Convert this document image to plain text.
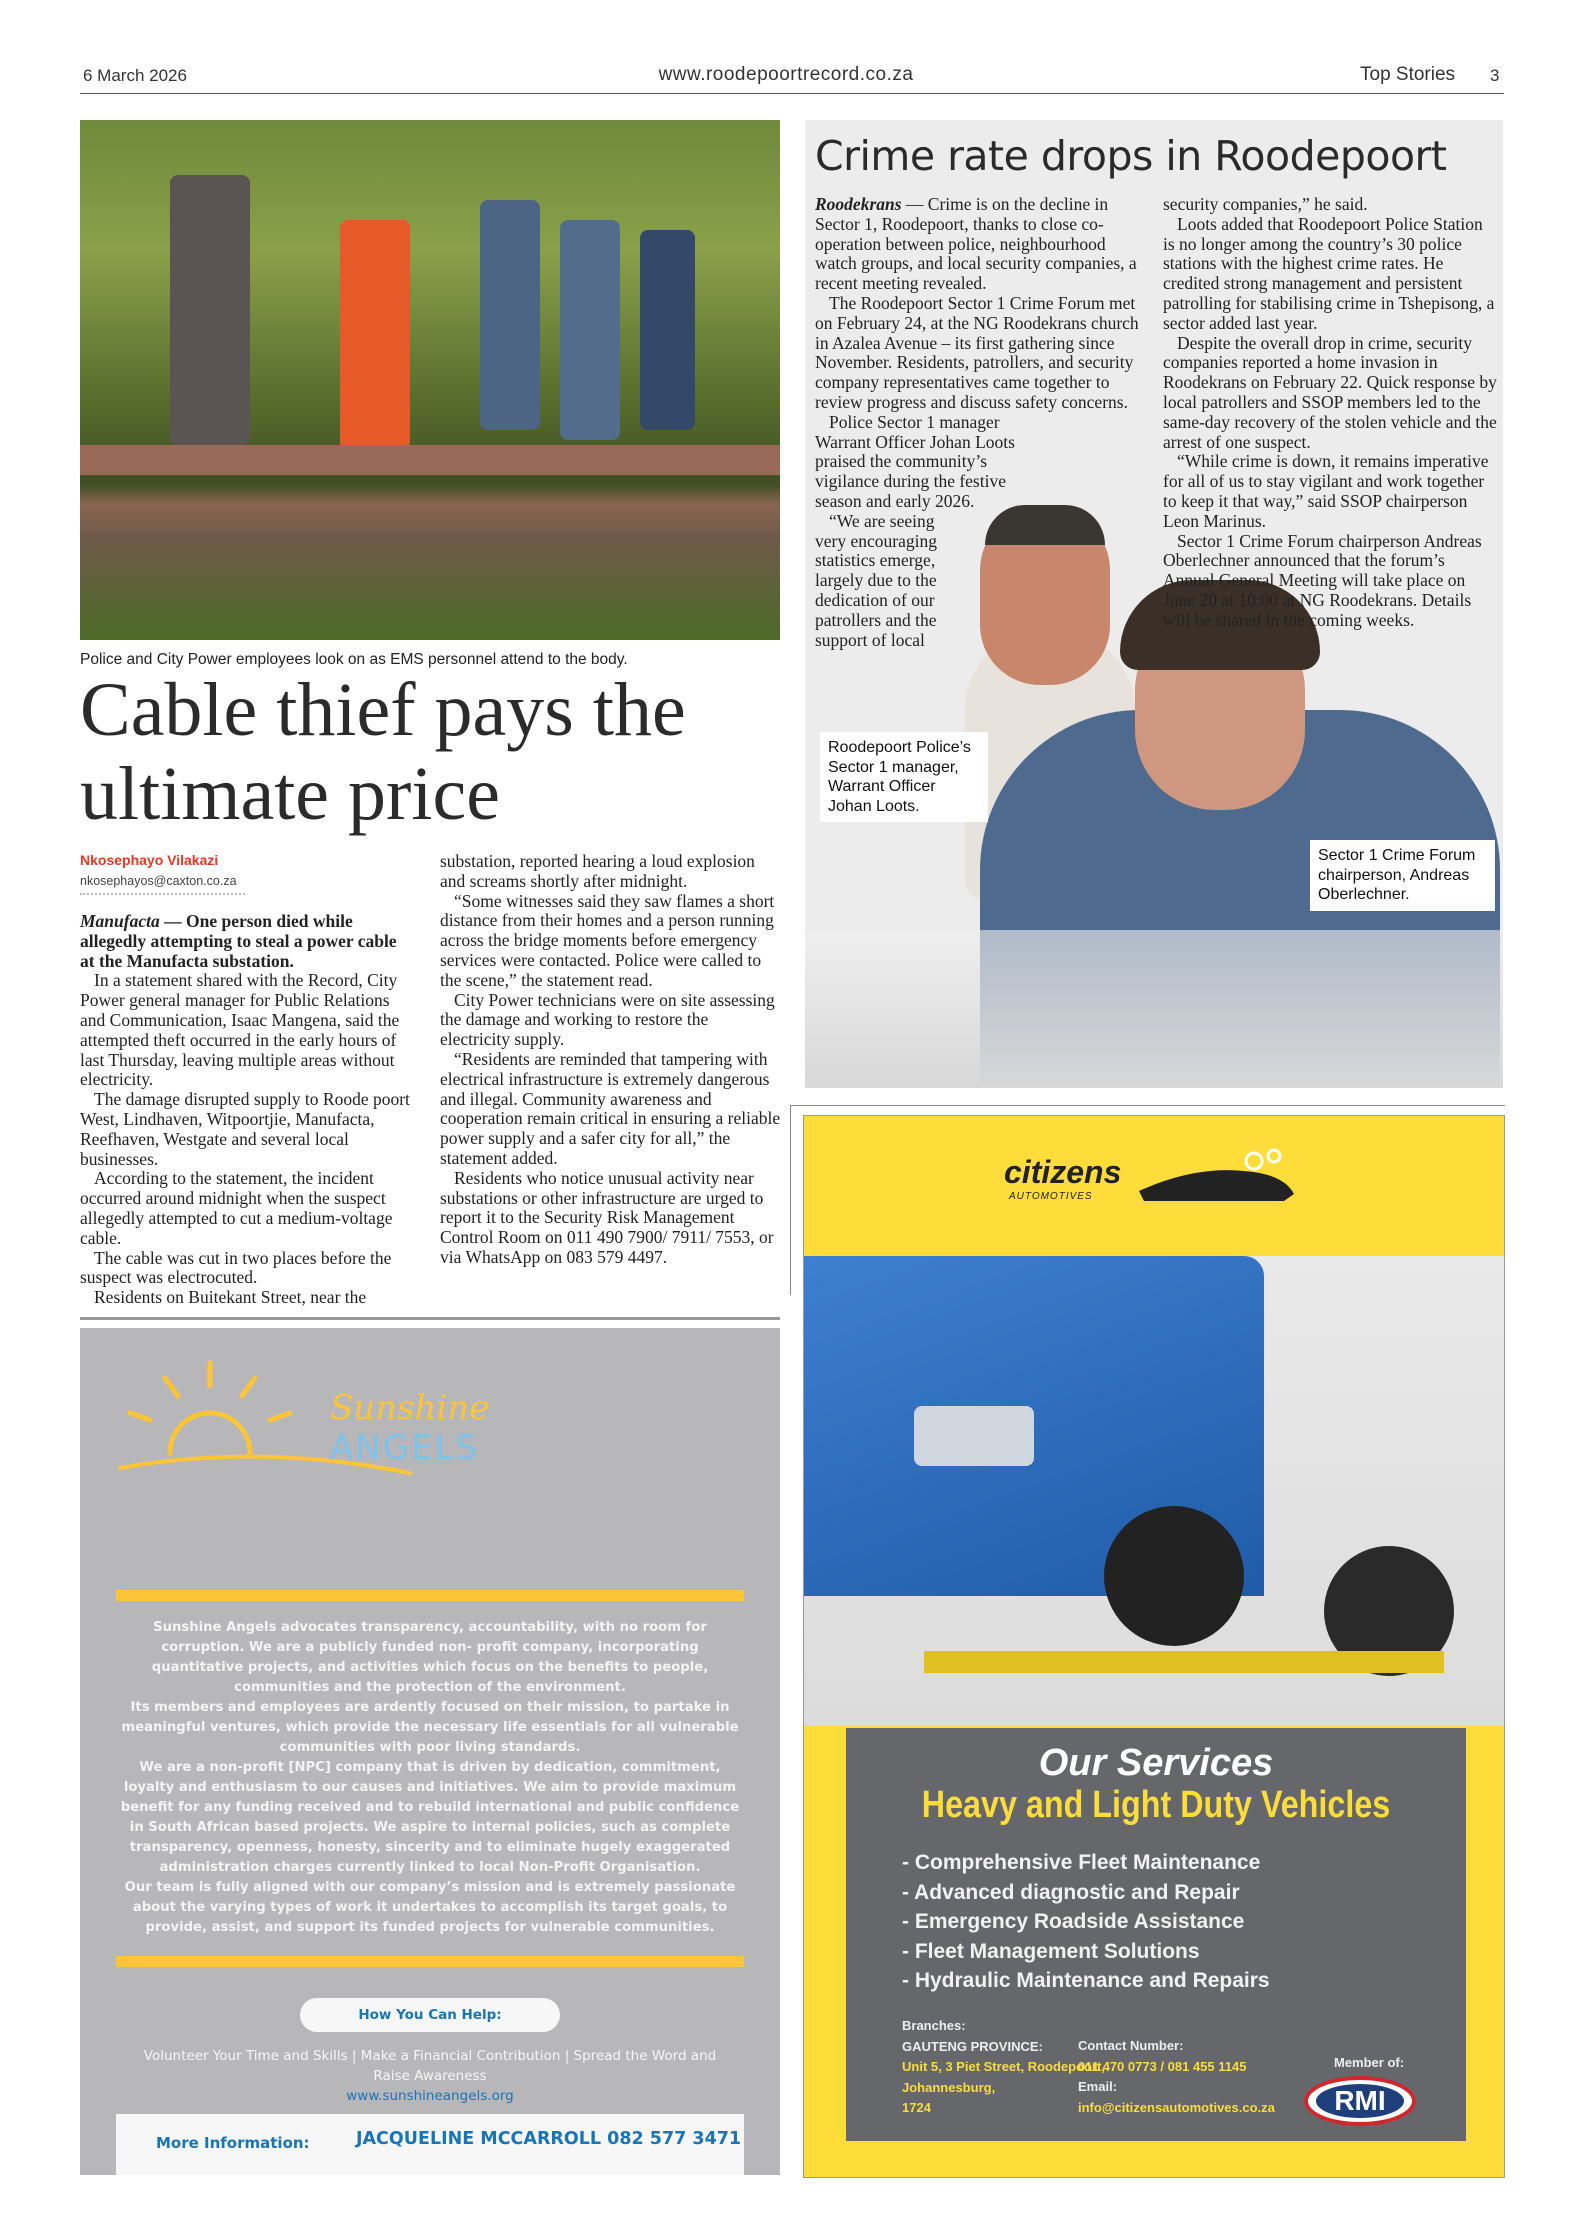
6 March 2026	www.roodepoortrecord.co.za	Top Stories 3
Police and City Power employees look on as EMS personnel attend to the body.
Cable thief pays the ultimate price
Nkosephayo Vilakazi
nkosephayos@caxton.co.za

Manufacta — One person died while allegedly attempting to steal a power cable at the Manufacta substation.

In a statement shared with the Record, City Power general manager for Public Relations and Communication, Isaac Mangena, said the attempted theft occurred in the early hours of last Thursday, leaving multiple areas without electricity.

The damage disrupted supply to Roode poort West, Lindhaven, Witpoortjie, Manufacta, Reefhaven, Westgate and several local businesses.

According to the statement, the incident occurred around midnight when the suspect allegedly attempted to cut a medium-voltage cable.

The cable was cut in two places before the suspect was electrocuted.

Residents on Buitekant Street, near the

substation, reported hearing a loud explosion and screams shortly after midnight.

“Some witnesses said they saw flames a short distance from their homes and a person running across the bridge moments before emergency services were contacted. Police were called to the scene,” the statement read.

City Power technicians were on site assessing the damage and working to restore the electricity supply.

“Residents are reminded that tampering with electrical infrastructure is extremely dangerous and illegal. Community awareness and cooperation remain critical in ensuring a reliable power supply and a safer city for all,” the statement added.

Residents who notice unusual activity near substations or other infrastructure are urged to report it to the Security Risk Management Control Room on 011 490 7900/ 7911/ 7553, or via WhatsApp on 083 579 4497.

Sunshine
ANGELS

Sunshine Angels advocates transparency, accountability, with no room for corruption. We are a publicly funded non- profit company, incorporating quantitative projects, and activities which focus on the benefits to people, communities and the protection of the environment.

Its members and employees are ardently focused on their mission, to partake in meaningful ventures, which provide the necessary life essentials for all vulnerable communities with poor living standards.

We are a non-profit [NPC] company that is driven by dedication, commitment, loyalty and enthusiasm to our causes and initiatives. We aim to provide maximum benefit for any funding received and to rebuild international and public confidence in South African based projects. We aspire to internal policies, such as complete transparency, openness, honesty, sincerity and to eliminate hugely exaggerated administration charges currently linked to local Non-Profit Organisation.

Our team is fully aligned with our company’s mission and is extremely passionate about the varying types of work it undertakes to accomplish its target goals, to provide, assist, and support its funded projects for vulnerable communities.

How You Can Help:
Volunteer Your Time and Skills | Make a Financial Contribution | Spread the Word and Raise Awareness
www.sunshineangels.org
More Information:	JACQUELINE MCCARROLL 082 577 3471
Crime rate drops in Roodepoort

Roodekrans — Crime is on the decline in Sector 1, Roodepoort, thanks to close co-operation between police, neighbourhood watch groups, and local security companies, a recent meeting revealed.

The Roodepoort Sector 1 Crime Forum met on February 24, at the NG Roodekrans church in Azalea Avenue – its first gathering since November. Residents, patrollers, and security company representatives came together to review progress and discuss safety concerns.

Police Sector 1 manager Warrant Officer Johan Loots praised the community’s vigilance during the festive season and early 2026.

“We are seeing very encouraging statistics emerge, largely due to the dedication of our patrollers and the support of local

security companies,” he said.

Loots added that Roodepoort Police Station is no longer among the country’s 30 police stations with the highest crime rates. He credited strong management and persistent patrolling for stabilising crime in Tshepisong, a sector added last year.

Despite the overall drop in crime, security companies reported a home invasion in Roodekrans on February 22. Quick response by local patrollers and SSOP members led to the same-day recovery of the stolen vehicle and the arrest of one suspect.

“While crime is down, it remains imperative for all of us to stay vigilant and work together to keep it that way,” said SSOP chairperson Leon Marinus.

Sector 1 Crime Forum chairperson Andreas Oberlechner announced that the forum’s Annual General Meeting will take place on June 20 at 10:00 at NG Roodekrans. Details will be shared in the coming weeks.

Roodepoort Police’s Sector 1 manager, Warrant Officer Johan Loots.
Sector 1 Crime Forum chairperson, Andreas Oberlechner.
citizens
AUTOMOTIVES
Our Services
Heavy and Light Duty Vehicles
- Comprehensive Fleet Maintenance
- Advanced diagnostic and Repair
- Emergency Roadside Assistance
- Fleet Management Solutions
- Hydraulic Maintenance and Repairs
Branches:
GAUTENG PROVINCE:
Unit 5, 3 Piet Street, Roodepoort,
Johannesburg,
1724
Contact Number:
011 470 0773 / 081 455 1145
Email:
info@citizensautomotives.co.za
Member of:
RMI
